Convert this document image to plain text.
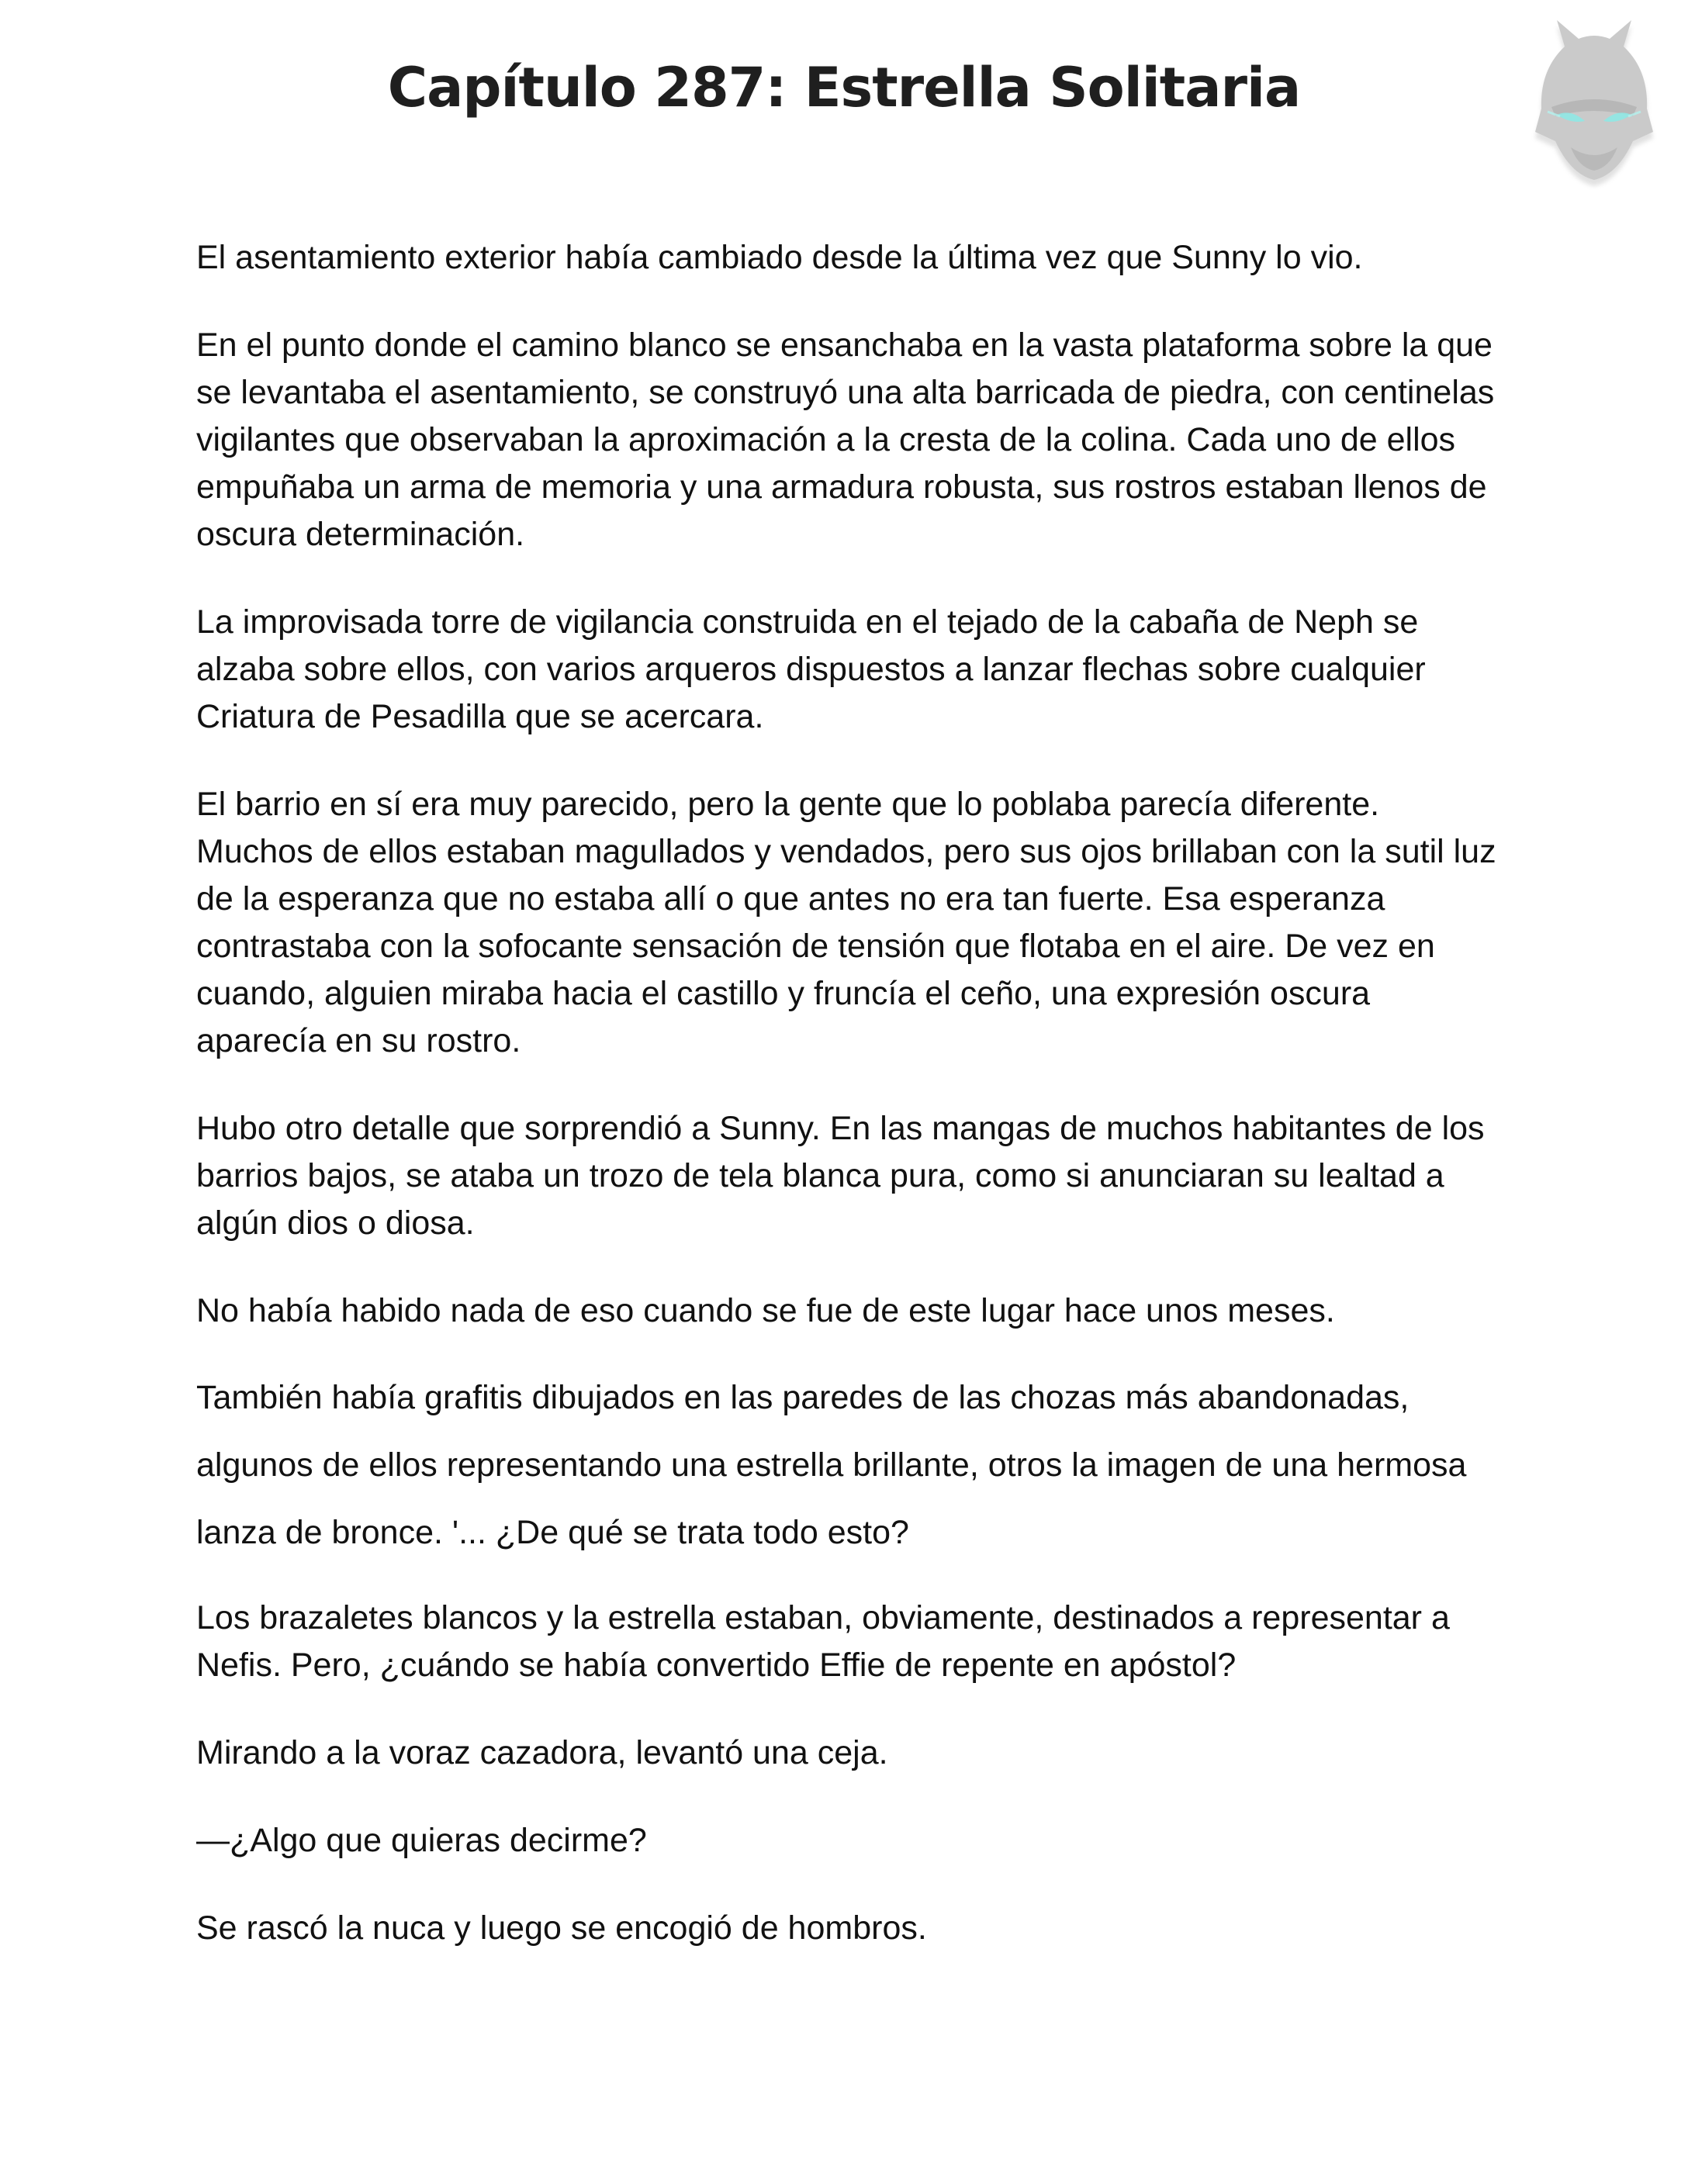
Capítulo 287: Estrella Solitaria

El asentamiento exterior había cambiado desde la última vez que Sunny lo vio.

En el punto donde el camino blanco se ensanchaba en la vasta plataforma sobre la que se levantaba el asentamiento, se construyó una alta barricada de piedra, con centinelas vigilantes que observaban la aproximación a la cresta de la colina. Cada uno de ellos empuñaba un arma de memoria y una armadura robusta, sus rostros estaban llenos de oscura determinación.

La improvisada torre de vigilancia construida en el tejado de la cabaña de Neph se alzaba sobre ellos, con varios arqueros dispuestos a lanzar flechas sobre cualquier Criatura de Pesadilla que se acercara.

El barrio en sí era muy parecido, pero la gente que lo poblaba parecía diferente. Muchos de ellos estaban magullados y vendados, pero sus ojos brillaban con la sutil luz de la esperanza que no estaba allí o que antes no era tan fuerte. Esa esperanza contrastaba con la sofocante sensación de tensión que flotaba en el aire. De vez en cuando, alguien miraba hacia el castillo y fruncía el ceño, una expresión oscura aparecía en su rostro.

Hubo otro detalle que sorprendió a Sunny. En las mangas de muchos habitantes de los barrios bajos, se ataba un trozo de tela blanca pura, como si anunciaran su lealtad a algún dios o diosa.

No había habido nada de eso cuando se fue de este lugar hace unos meses.

También había grafitis dibujados en las paredes de las chozas más abandonadas, algunos de ellos representando una estrella brillante, otros la imagen de una hermosa lanza de bronce. '... ¿De qué se trata todo esto?

Los brazaletes blancos y la estrella estaban, obviamente, destinados a representar a Nefis. Pero, ¿cuándo se había convertido Effie de repente en apóstol?

Mirando a la voraz cazadora, levantó una ceja.

—¿Algo que quieras decirme?

Se rascó la nuca y luego se encogió de hombros.
